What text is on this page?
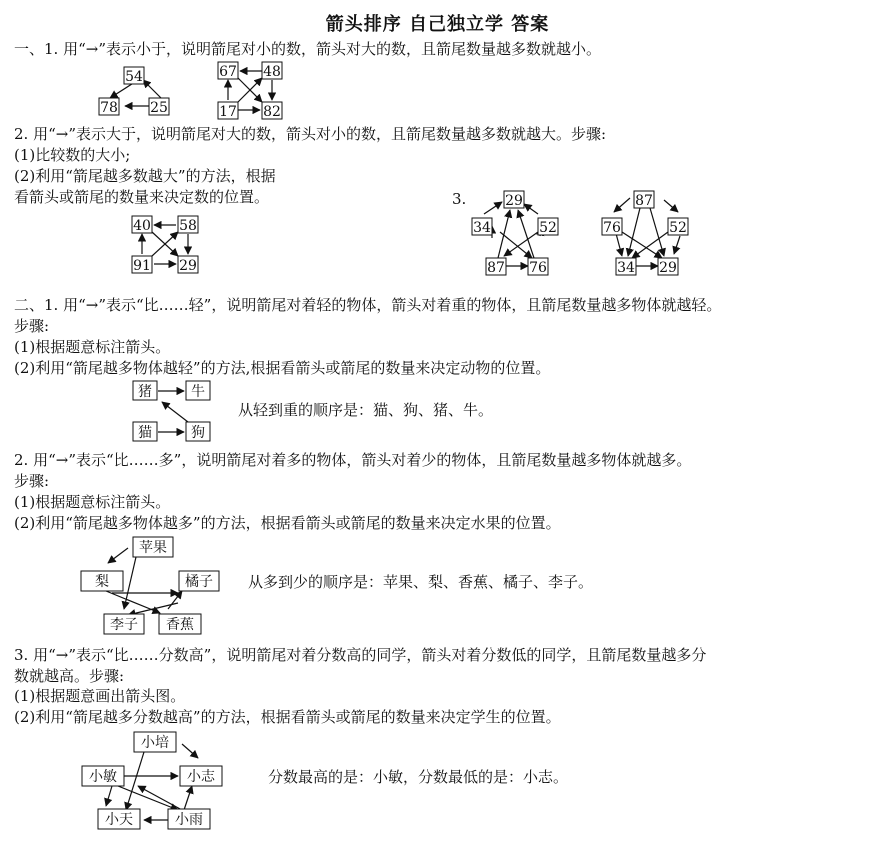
箭头排序 自己独立学 答案
一、1. 用“→”表示小于，说明箭尾对小的数，箭头对大的数，且箭尾数量越多数就越小。
54
78 25
67 48
17 82
2. 用“→”表示大于，说明箭尾对大的数，箭头对小的数，且箭尾数量越多数就越大。步骤:
(1)比较数的大小;
(2)利用“箭尾越多数越大”的方法，根据
看箭头或箭尾的数量来决定数的位置。
40 58
91 29
3.	29
34	52
87 76
87
76	52
34 29
二、1. 用“→”表示“比……轻”，说明箭尾对着轻的物体，箭头对着重的物体，且箭尾数量越多物体就越轻。
步骤:
(1)根据题意标注箭头。
(2)利用“箭尾越多物体越轻”的方法,根据看箭头或箭尾的数量来决定动物的位置。
猪	牛
猫	狗
从轻到重的顺序是：猫、狗、猪、牛。
2. 用“→”表示“比……多”，说明箭尾对着多的物体，箭头对着少的物体，且箭尾数量越多物体就越多。
步骤:
(1)根据题意标注箭头。
(2)利用“箭尾越多物体越多”的方法，根据看箭头或箭尾的数量来决定水果的位置。
苹果
梨	橘子
李子 香蕉
从多到少的顺序是：苹果、梨、香蕉、橘子、李子。
3. 用“→”表示“比……分数高”，说明箭尾对着分数高的同学，箭头对着分数低的同学，且箭尾数量越多分
数就越高。步骤:
(1)根据题意画出箭头图。
(2)利用“箭尾越多分数越高”的方法，根据看箭头或箭尾的数量来决定学生的位置。
小培
小敏	小志
小天	小雨
分数最高的是：小敏，分数最低的是：小志。
